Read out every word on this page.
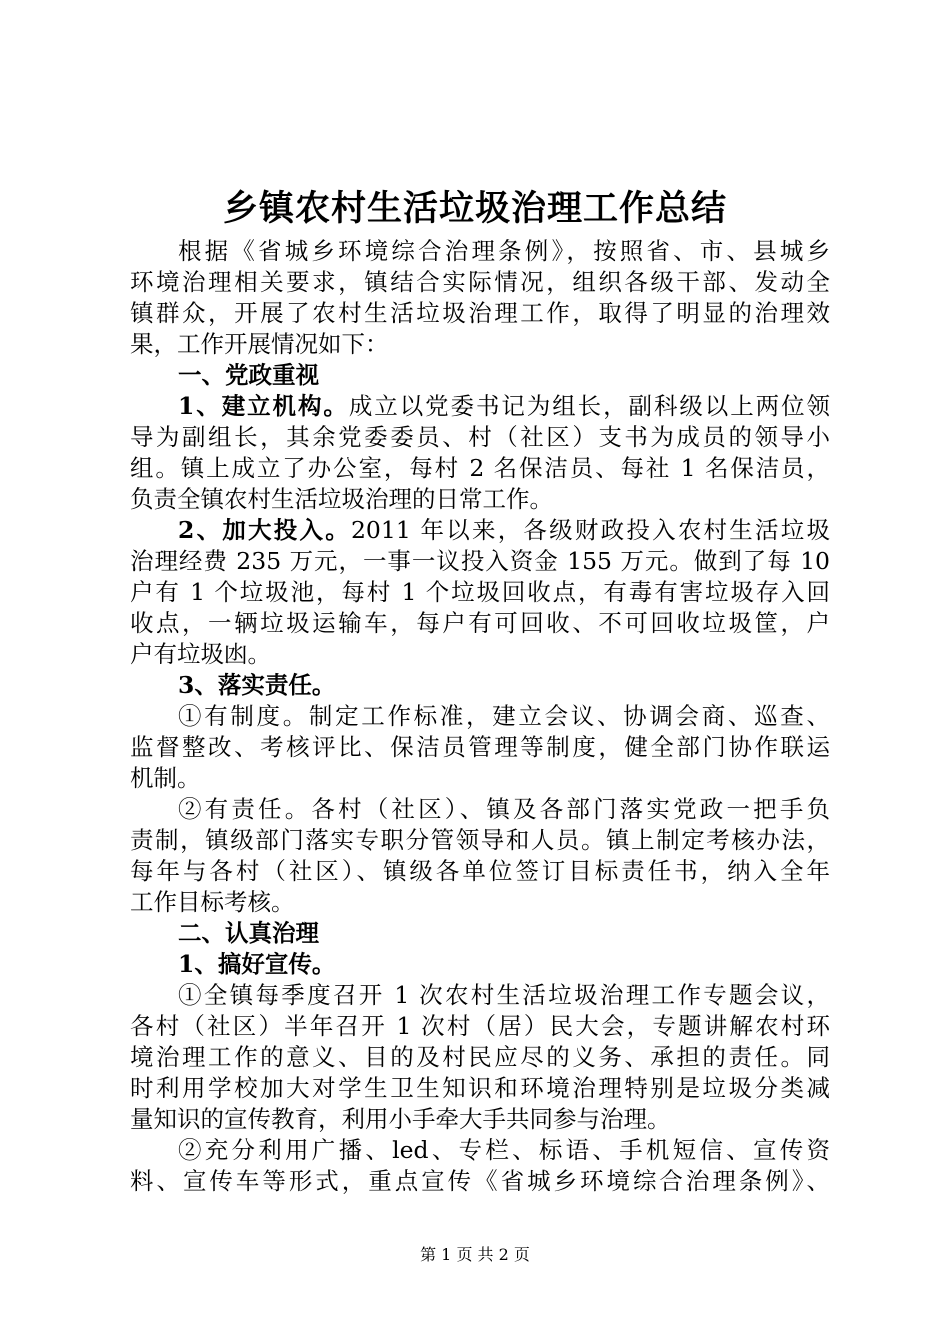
乡镇农村生活垃圾治理工作总结
根据《省城乡环境综合治理条例》，按照省、市、县城乡
环境治理相关要求，镇结合实际情况，组织各级干部、发动全
镇群众，开展了农村生活垃圾治理工作，取得了明显的治理效
果，工作开展情况如下：
一、党政重视
1、建立机构。成立以党委书记为组长，副科级以上两位领
导为副组长，其余党委委员、村（社区）支书为成员的领导小
组。镇上成立了办公室，每村 2 名保洁员、每社 1 名保洁员，
负责全镇农村生活垃圾治理的日常工作。
2、加大投入。2011 年以来，各级财政投入农村生活垃圾
治理经费 235 万元，一事一议投入资金 155 万元。做到了每 10
户有 1 个垃圾池，每村 1 个垃圾回收点，有毒有害垃圾存入回
收点，一辆垃圾运输车，每户有可回收、不可回收垃圾筐，户
户有垃圾凼。
3、落实责任。
①有制度。制定工作标准，建立会议、协调会商、巡查、
监督整改、考核评比、保洁员管理等制度，健全部门协作联运
机制。
②有责任。各村（社区）、镇及各部门落实党政一把手负
责制，镇级部门落实专职分管领导和人员。镇上制定考核办法，
每年与各村（社区）、镇级各单位签订目标责任书，纳入全年
工作目标考核。
二、认真治理
1、搞好宣传。
①全镇每季度召开 1 次农村生活垃圾治理工作专题会议，
各村（社区）半年召开 1 次村（居）民大会，专题讲解农村环
境治理工作的意义、目的及村民应尽的义务、承担的责任。同
时利用学校加大对学生卫生知识和环境治理特别是垃圾分类减
量知识的宣传教育，利用小手牵大手共同参与治理。
②充分利用广播、led、专栏、标语、手机短信、宣传资
料、宣传车等形式，重点宣传《省城乡环境综合治理条例》、
第 1 页 共 2 页
